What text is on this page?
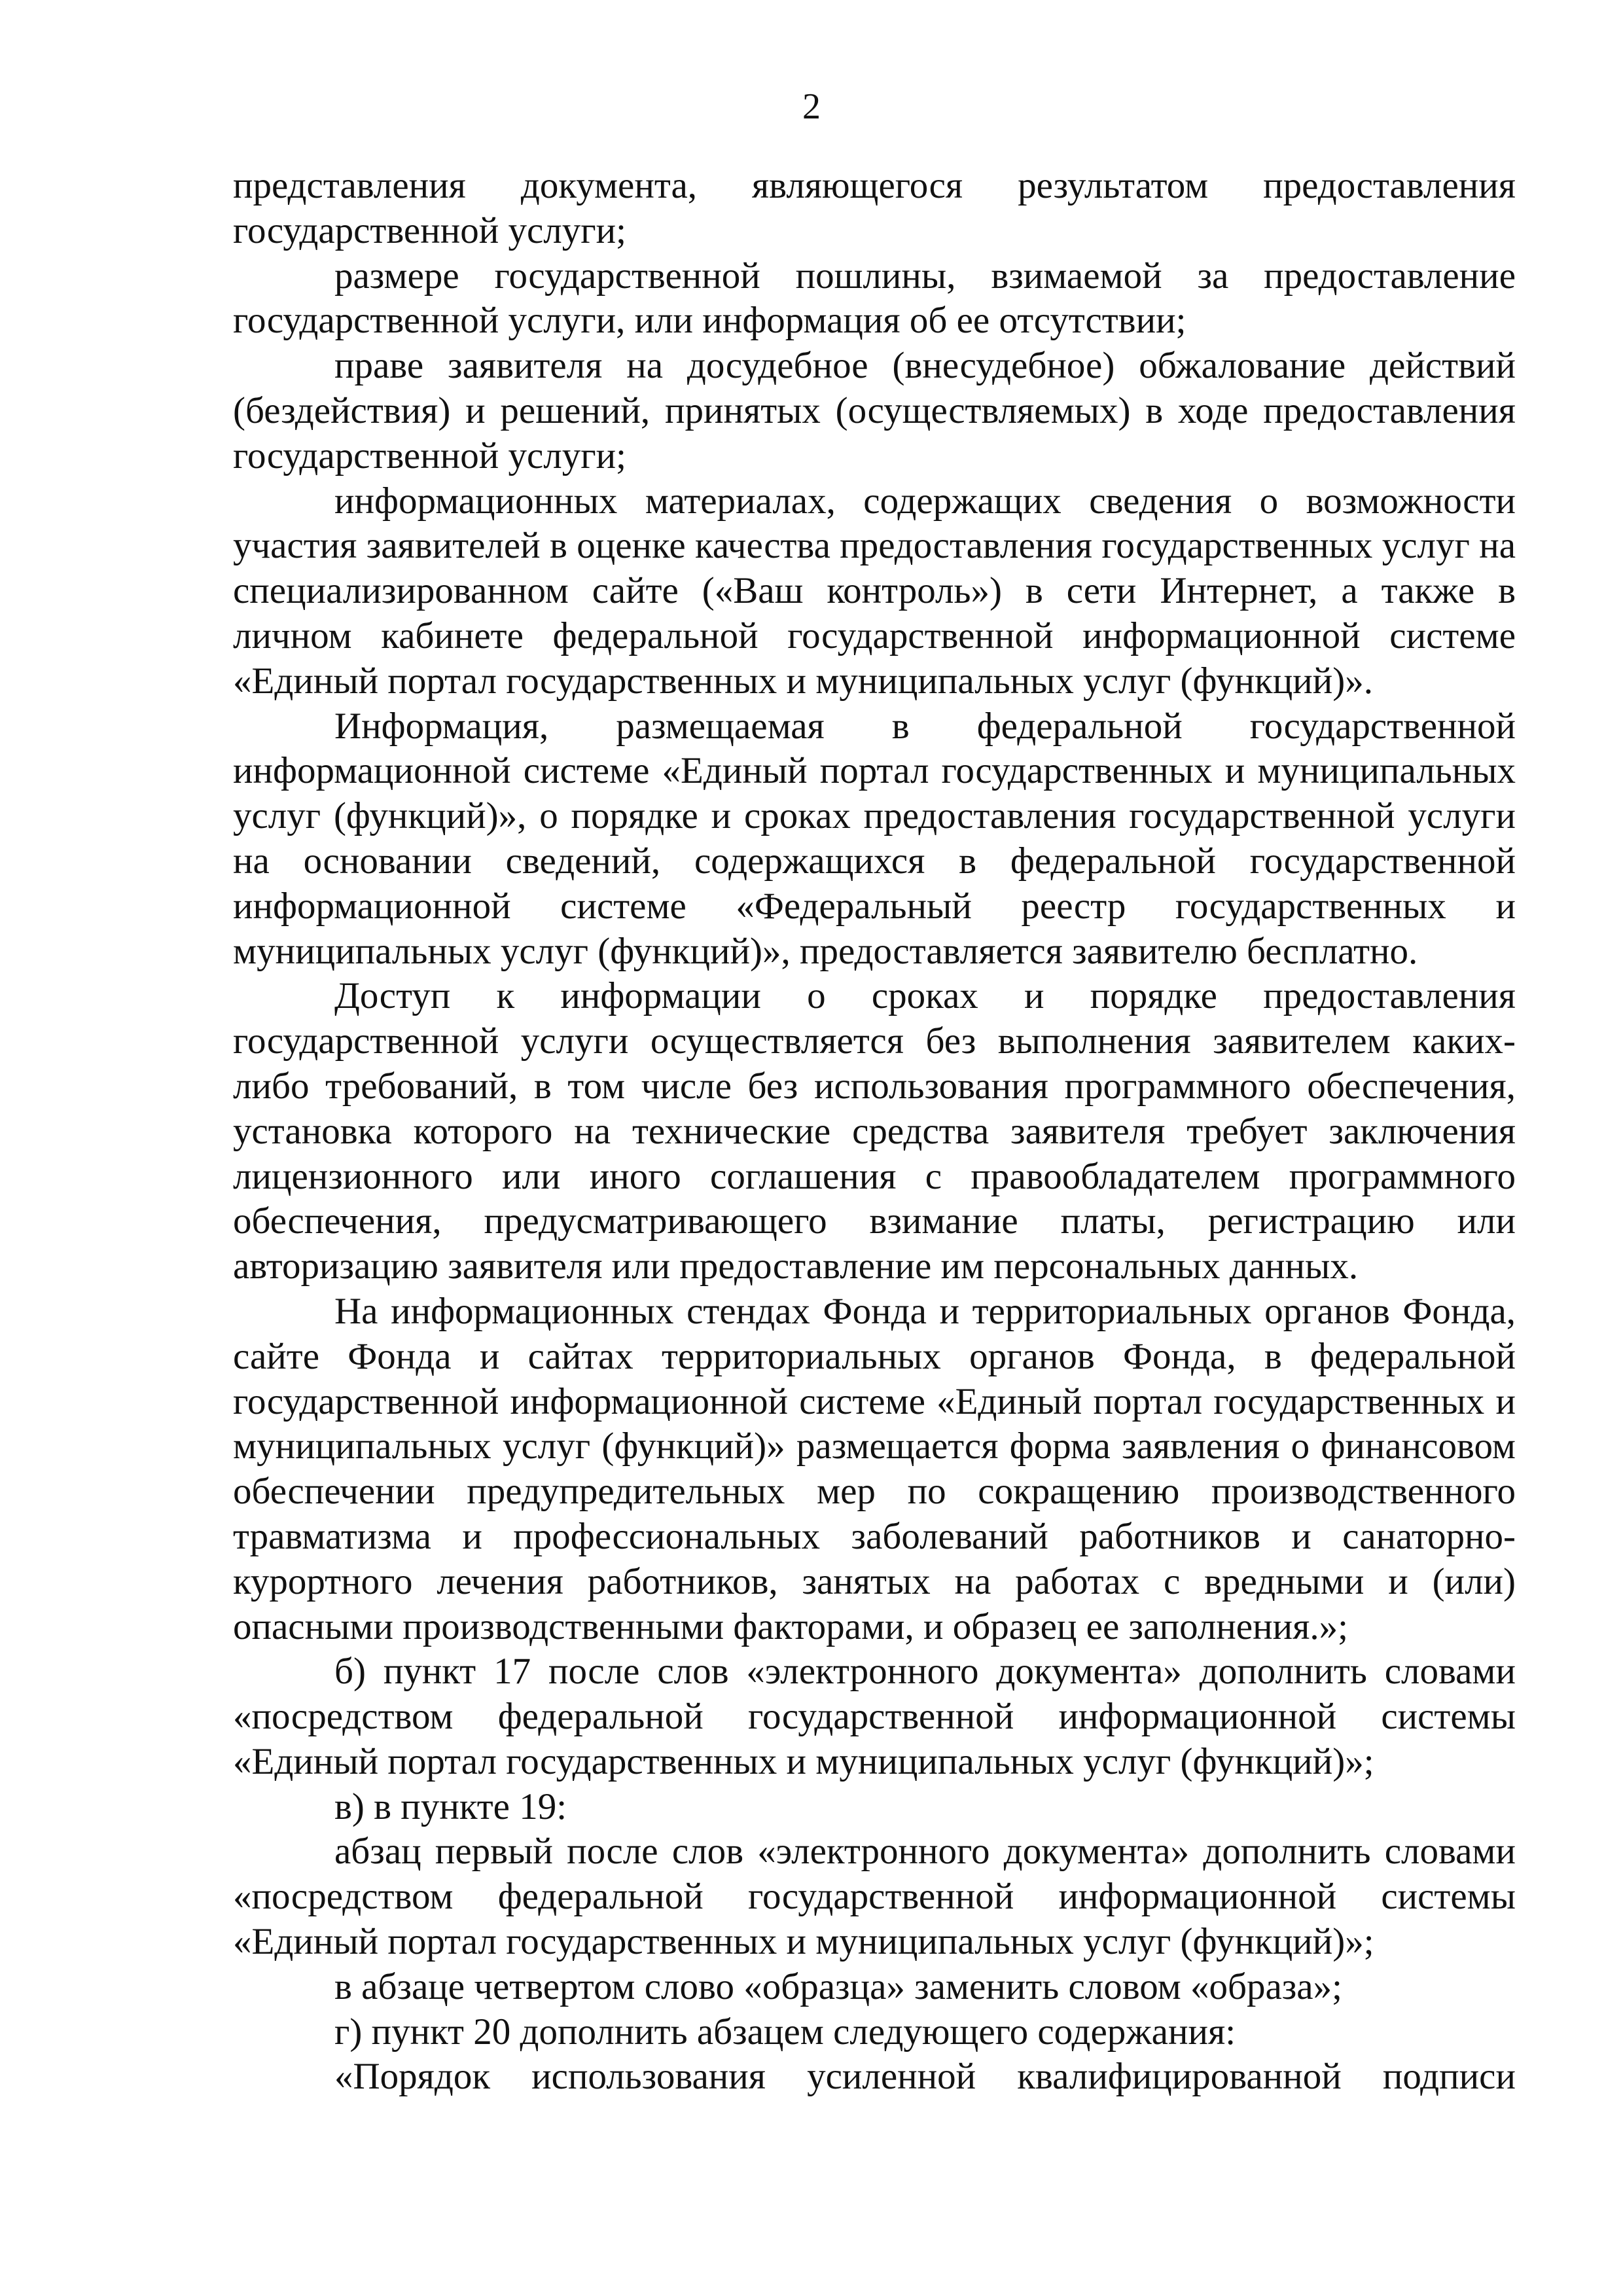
2

представления документа, являющегося результатом предоставления государственной услуги;

размере государственной пошлины, взимаемой за предоставление государственной услуги, или информация об ее отсутствии;

праве заявителя на досудебное (внесудебное) обжалование действий (бездействия) и решений, принятых (осуществляемых) в ходе предоставления государственной услуги;

информационных материалах, содержащих сведения о возможности участия заявителей в оценке качества предоставления государственных услуг на специализированном сайте («Ваш контроль») в сети Интернет, а также в личном кабинете федеральной государственной информационной системе «Единый портал государственных и муниципальных услуг (функций)».

Информация, размещаемая в федеральной государственной информационной системе «Единый портал государственных и муниципальных услуг (функций)», о порядке и сроках предоставления государственной услуги на основании сведений, содержащихся в федеральной государственной информационной системе «Федеральный реестр государственных и муниципальных услуг (функций)», предоставляется заявителю бесплатно.

Доступ к информации о сроках и порядке предоставления государственной услуги осуществляется без выполнения заявителем каких-либо требований, в том числе без использования программного обеспечения, установка которого на технические средства заявителя требует заключения лицензионного или иного соглашения с правообладателем программного обеспечения, предусматривающего взимание платы, регистрацию или авторизацию заявителя или предоставление им персональных данных.

На информационных стендах Фонда и территориальных органов Фонда, сайте Фонда и сайтах территориальных органов Фонда, в федеральной государственной информационной системе «Единый портал государственных и муниципальных услуг (функций)» размещается форма заявления о финансовом обеспечении предупредительных мер по сокращению производственного травматизма и профессиональных заболеваний работников и санаторно-курортного лечения работников, занятых на работах с вредными и (или) опасными производственными факторами, и образец ее заполнения.»;

б) пункт 17 после слов «электронного документа» дополнить словами «посредством федеральной государственной информационной системы «Единый портал государственных и муниципальных услуг (функций)»;

в) в пункте 19:

абзац первый после слов «электронного документа» дополнить словами «посредством федеральной государственной информационной системы «Единый портал государственных и муниципальных услуг (функций)»;

в абзаце четвертом слово «образца» заменить словом «образа»;

г) пункт 20 дополнить абзацем следующего содержания:

«Порядок использования усиленной квалифицированной подписи
